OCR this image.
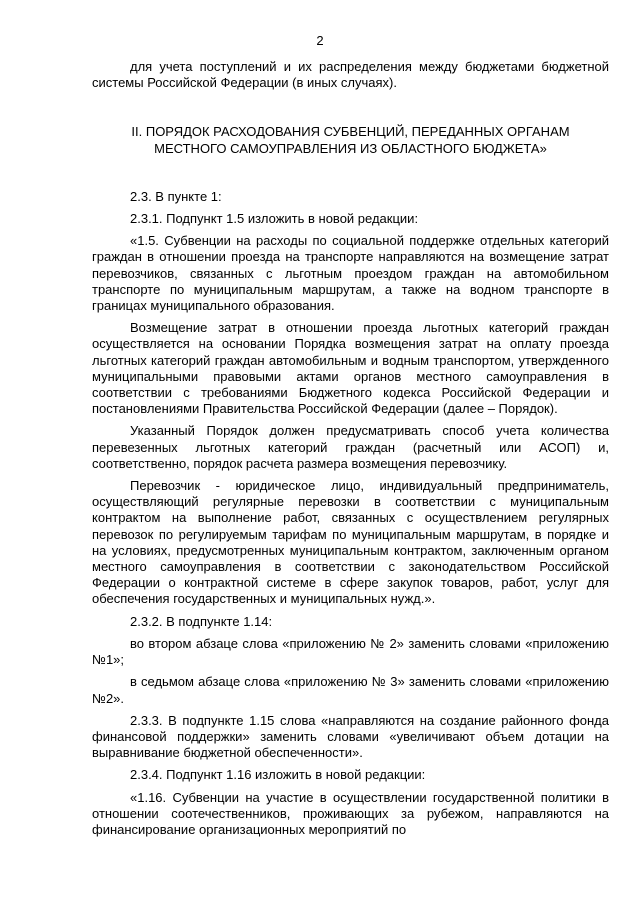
2

для учета поступлений и их распределения между бюджетами бюджетной системы Российской Федерации (в иных случаях).

II. ПОРЯДОК РАСХОДОВАНИЯ СУБВЕНЦИЙ, ПЕРЕДАННЫХ ОРГАНАМ
МЕСТНОГО САМОУПРАВЛЕНИЯ ИЗ ОБЛАСТНОГО БЮДЖЕТА»

2.3. В пункте 1:

2.3.1. Подпункт 1.5 изложить в новой редакции:

«1.5. Субвенции на расходы по социальной поддержке отдельных категорий граждан в отношении проезда на транспорте направляются на возмещение затрат перевозчиков, связанных с льготным проездом граждан на автомобильном транспорте по муниципальным маршрутам, а также на водном транспорте в границах муниципального образования.

Возмещение затрат в отношении проезда льготных категорий граждан осуществляется на основании Порядка возмещения затрат на оплату проезда льготных категорий граждан автомобильным и водным транспортом, утвержденного муниципальными правовыми актами органов местного самоуправления в соответствии с требованиями Бюджетного кодекса Российской Федерации и постановлениями Правительства Российской Федерации (далее – Порядок).

Указанный Порядок должен предусматривать способ учета количества перевезенных льготных категорий граждан (расчетный или АСОП) и, соответственно, порядок расчета размера возмещения перевозчику.

Перевозчик - юридическое лицо, индивидуальный предприниматель, осуществляющий регулярные перевозки в соответствии с муниципальным контрактом на выполнение работ, связанных с осуществлением регулярных перевозок по регулируемым тарифам по муниципальным маршрутам, в порядке и на условиях, предусмотренных муниципальным контрактом, заключенным органом местного самоуправления в соответствии с законодательством Российской Федерации о контрактной системе в сфере закупок товаров, работ, услуг для обеспечения государственных и муниципальных нужд.».

2.3.2. В подпункте 1.14:

во втором абзаце слова «приложению № 2» заменить словами «приложению №1»;

в седьмом абзаце слова «приложению № 3» заменить словами «приложению №2».

2.3.3. В подпункте 1.15 слова «направляются на создание районного фонда финансовой поддержки» заменить словами «увеличивают объем дотации на выравнивание бюджетной обеспеченности».

2.3.4. Подпункт 1.16 изложить в новой редакции:

«1.16. Субвенции на участие в осуществлении государственной политики в отношении соотечественников, проживающих за рубежом, направляются на финансирование организационных мероприятий по
